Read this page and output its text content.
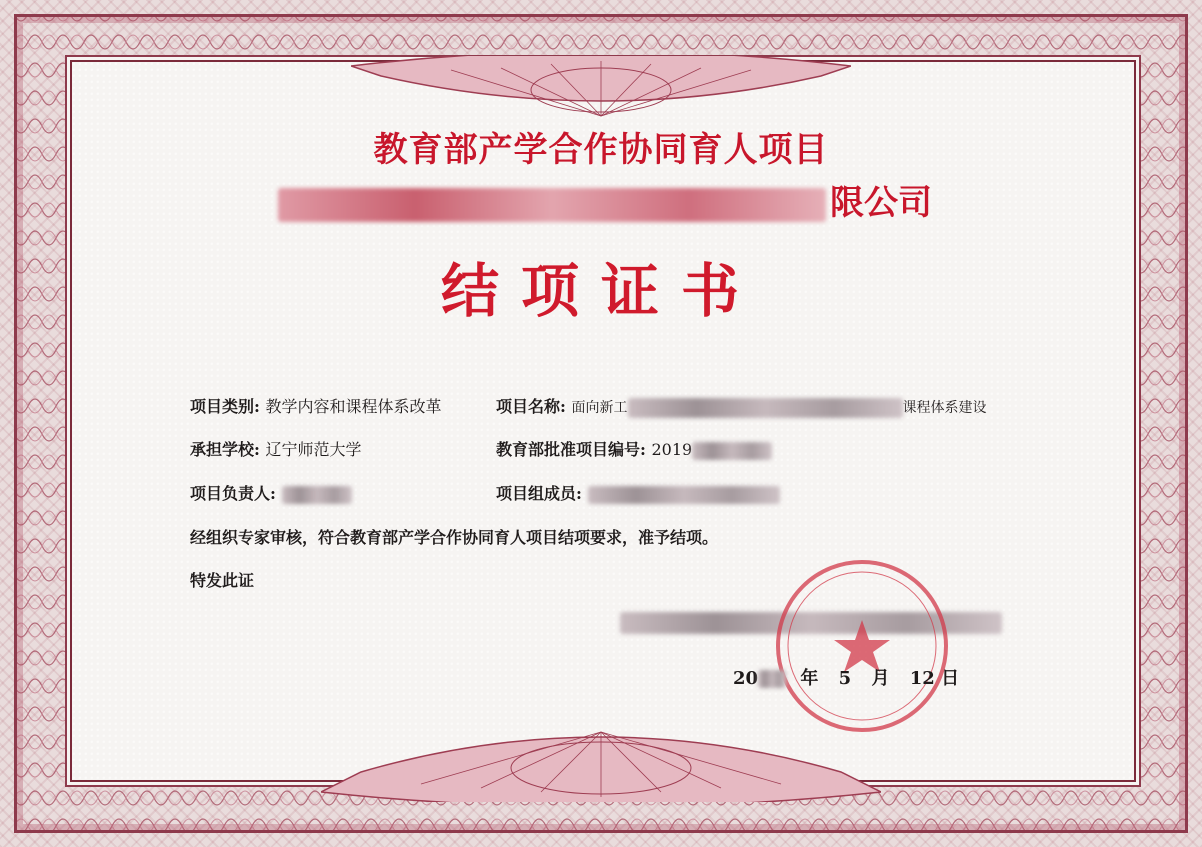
教育部产学合作协同育人项目
限公司
结项证书
项目类别: 教学内容和课程体系改革	项目名称: 面向新工	课程体系建设
承担学校: 辽宁师范大学	教育部批准项目编号: 2019
项目负责人:	项目组成员:
经组织专家审核，符合教育部产学合作协同育人项目结项要求，准予结项。
特发此证
20 年 5 月 12 日
